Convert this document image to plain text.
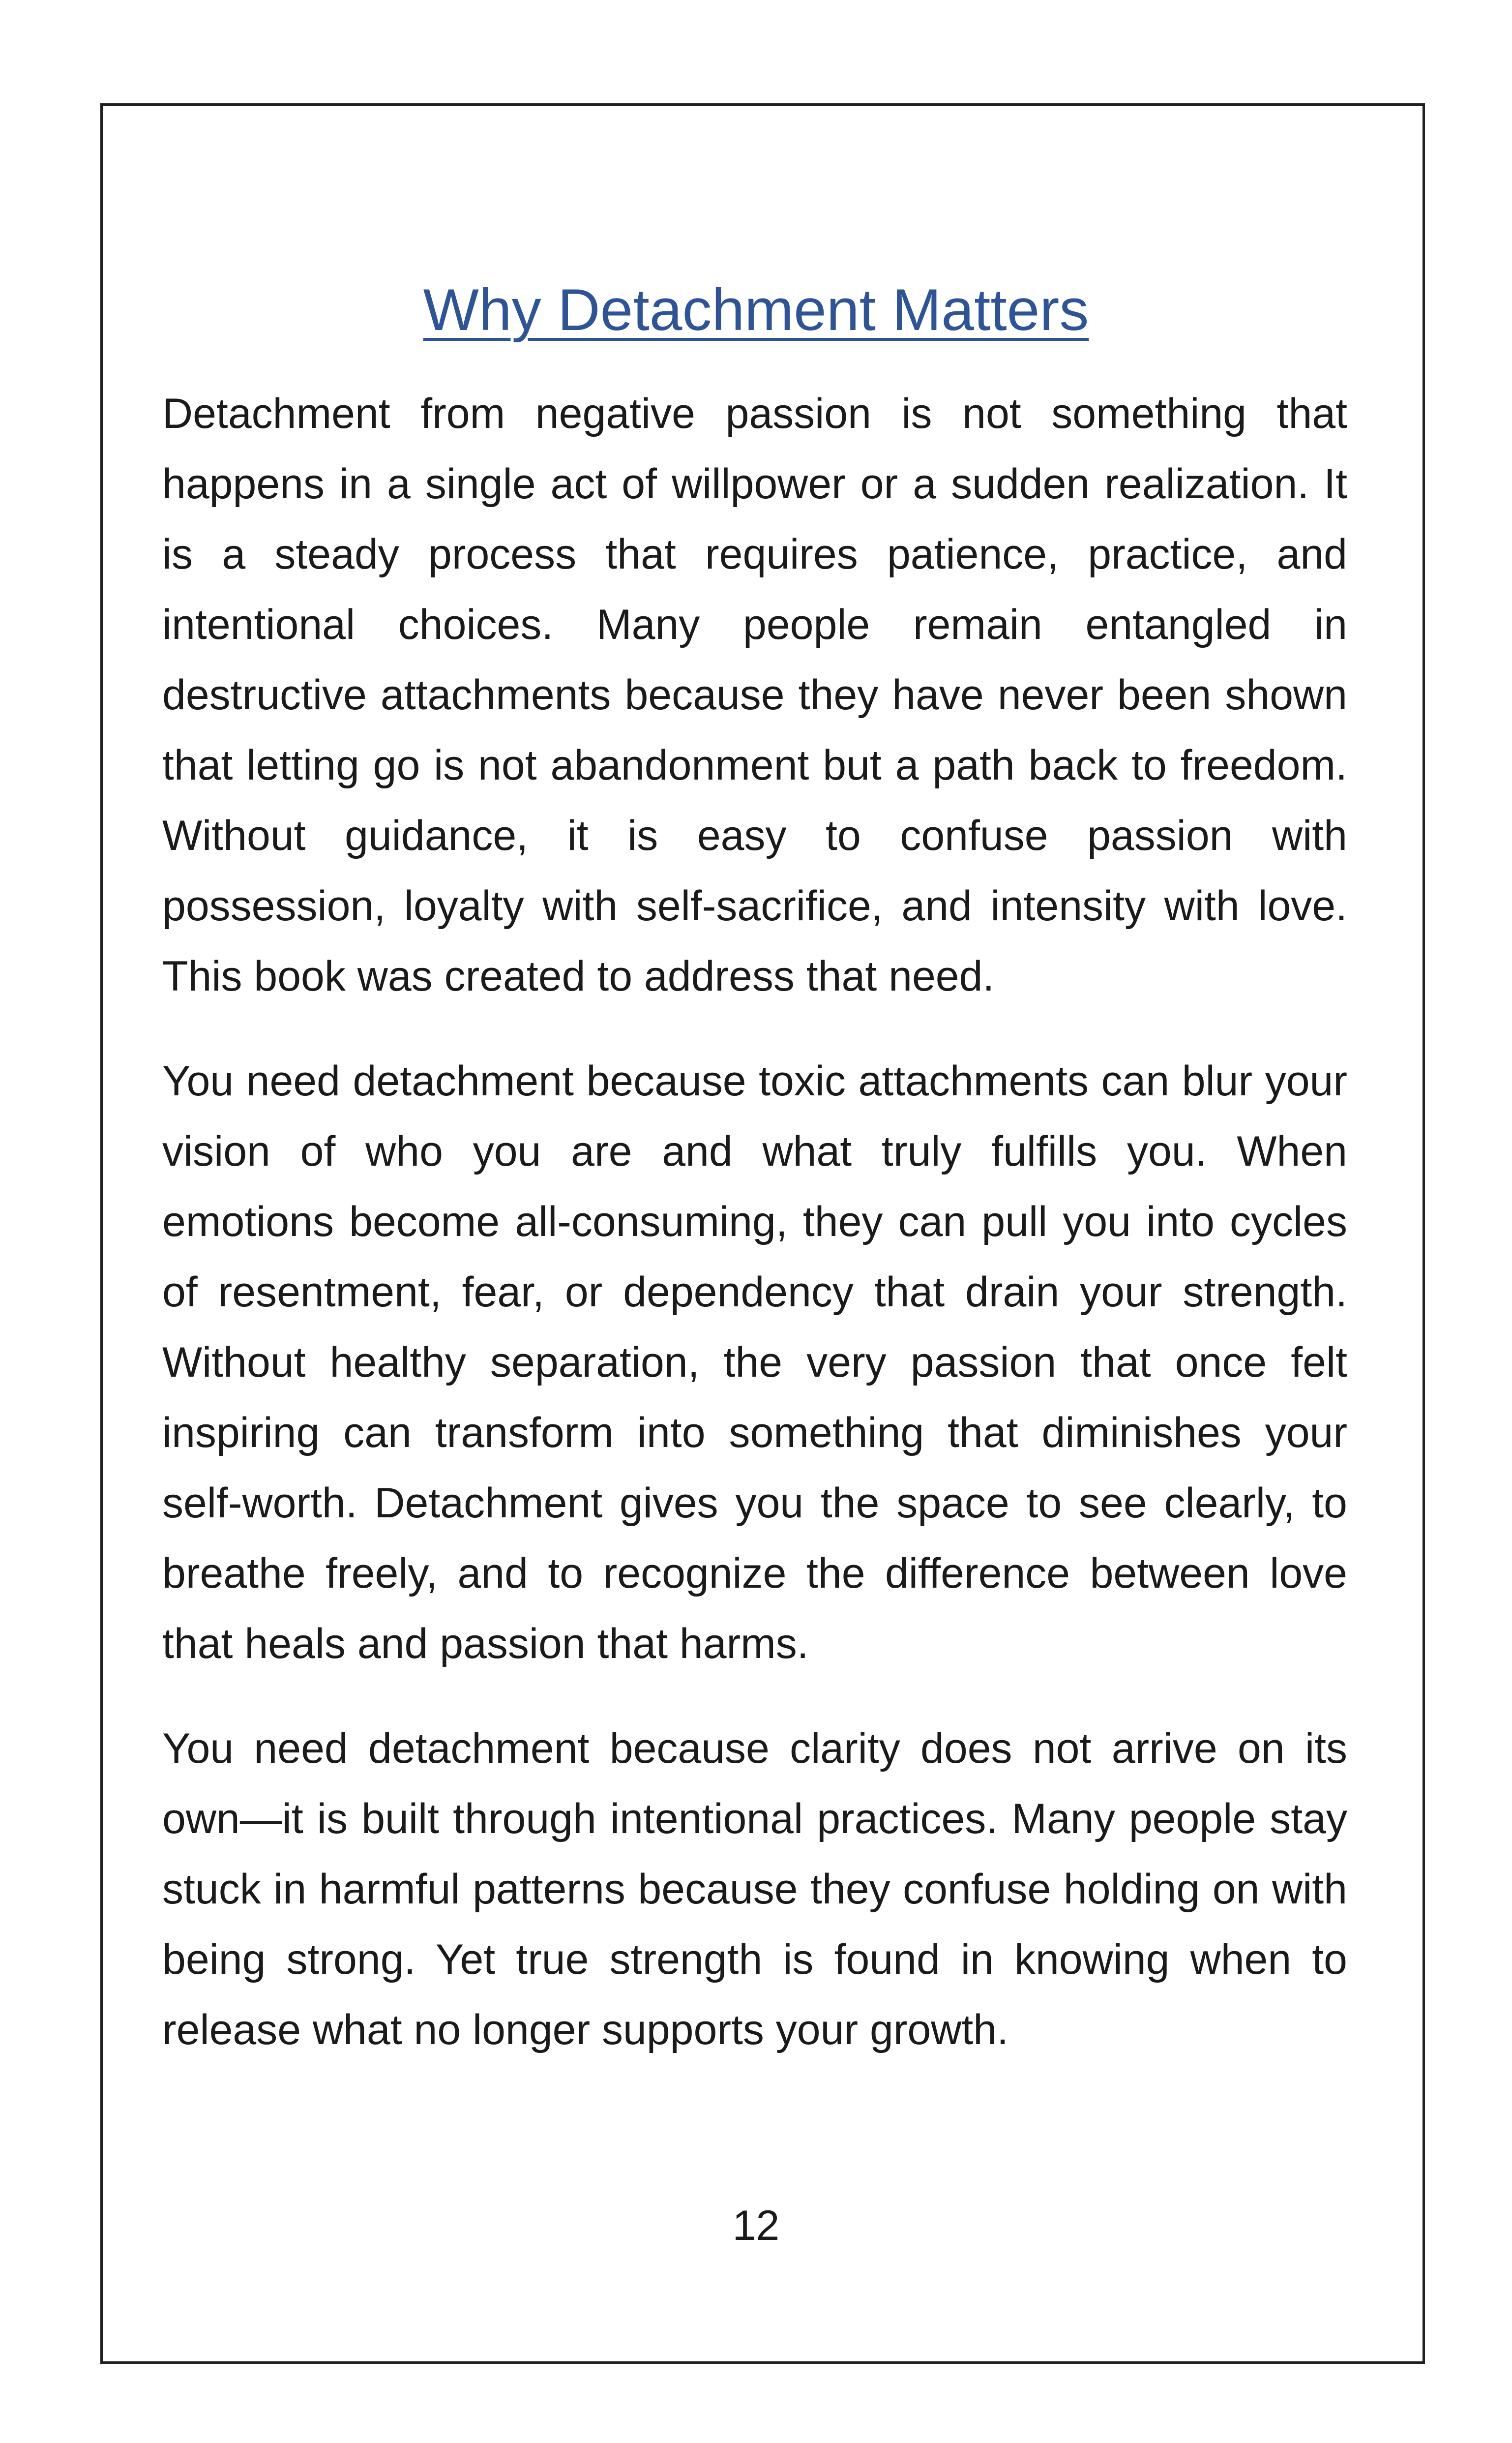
Why Detachment Matters

Detachment from negative passion is not something that happens in a single act of willpower or a sudden realization. It is a steady process that requires patience, practice, and intentional choices. Many people remain entangled in destructive attachments because they have never been shown that letting go is not abandonment but a path back to freedom. Without guidance, it is easy to confuse passion with possession, loyalty with self-sacrifice, and intensity with love. This book was created to address that need.

You need detachment because toxic attachments can blur your vision of who you are and what truly fulfills you. When emotions become all-consuming, they can pull you into cycles of resentment, fear, or dependency that drain your strength. Without healthy separation, the very passion that once felt inspiring can transform into something that diminishes your self-worth. Detachment gives you the space to see clearly, to breathe freely, and to recognize the difference between love that heals and passion that harms.

You need detachment because clarity does not arrive on its own—it is built through intentional practices. Many people stay stuck in harmful patterns because they confuse holding on with being strong. Yet true strength is found in knowing when to release what no longer supports your growth.

12
